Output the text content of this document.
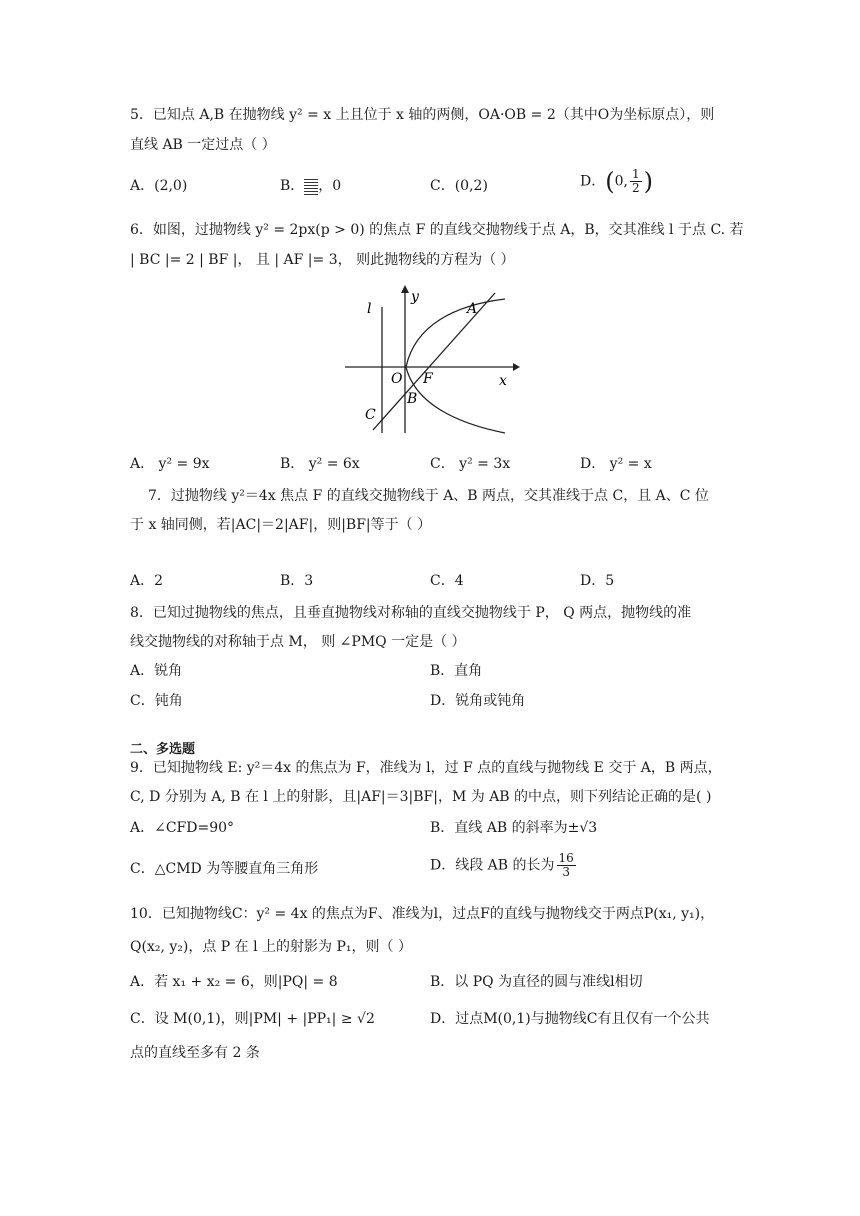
5．已知点 A,B 在抛物线 y² = x 上且位于 x 轴的两侧，OA·OB = 2（其中O为坐标原点），则
直线 AB 一定过点（ ）
A．(2,0)	B． ，0	C．(0,2)	D．(0, $\frac{1}{2}$ )
6．如图，过抛物线 y² = 2px(p > 0) 的焦点 F 的直线交抛物线于点 A，B，交其准线 l 于点 C. 若
| BC |= 2 | BF |， 且 | AF |= 3， 则此抛物线的方程为（ ）
l
y
A
O F	x
B
C
A． y² = 9x	B． y² = 6x	C． y² = 3x	D． y² = x
7．过抛物线 y²＝4x 焦点 F 的直线交抛物线于 A、B 两点，交其准线于点 C，且 A、C 位
于 x 轴同侧，若|AC|＝2|AF|，则|BF|等于（ ）
A．2	B．3	C．4	D．5
8．已知过抛物线的焦点，且垂直抛物线对称轴的直线交抛物线于 P， Q 两点，抛物线的准
线交抛物线的对称轴于点 M， 则 ∠PMQ 一定是（ ）
A．锐角	B．直角
C．钝角	D．锐角或钝角
二、多选题
9．已知抛物线 E: y²＝4x 的焦点为 F，准线为 l，过 F 点的直线与抛物线 E 交于 A，B 两点，
C, D 分别为 A, B 在 l 上的射影，且|AF|＝3|BF|，M 为 AB 的中点，则下列结论正确的是( )
A．∠CFD=90°	B．直线 AB 的斜率为±√3
C．△CMD 为等腰直角三角形	D．线段 AB 的长为 $\frac{16}{3}$
10．已知抛物线C：y² = 4x 的焦点为F、准线为l，过点F的直线与抛物线交于两点P(x₁, y₁)，
Q(x₂, y₂)，点 P 在 l 上的射影为 P₁，则（ ）
A．若 x₁ + x₂ = 6，则|PQ| = 8	B．以 PQ 为直径的圆与准线l相切
C．设 M(0,1)，则|PM| + |PP₁| ≥ √2	D．过点M(0,1)与抛物线C有且仅有一个公共
点的直线至多有 2 条
